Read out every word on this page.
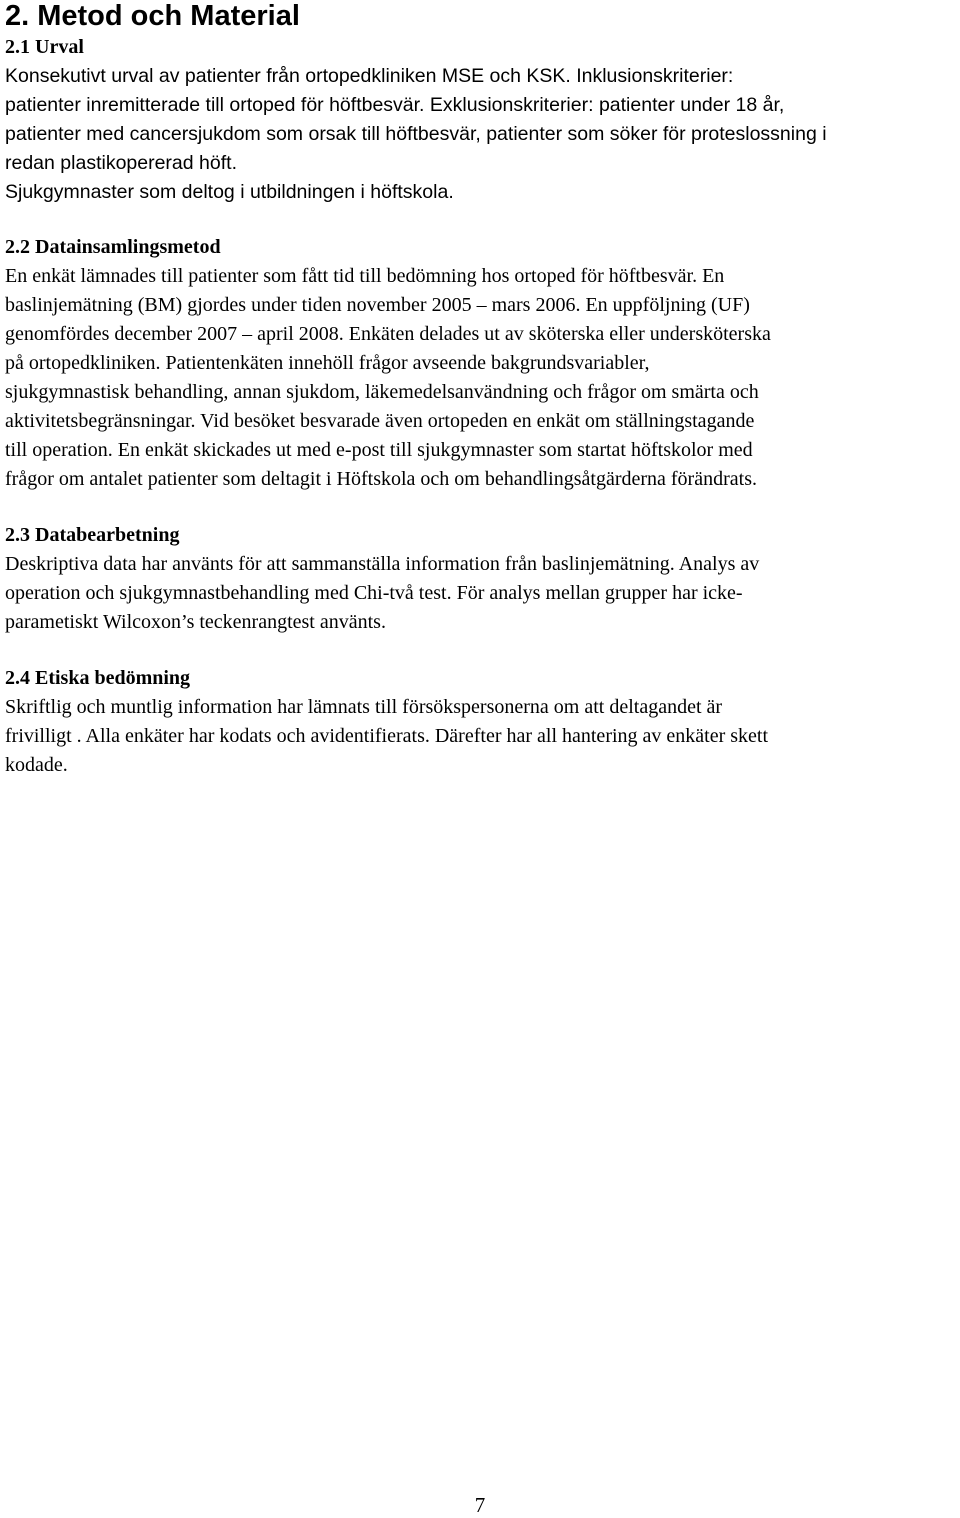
2. Metod och Material
2.1 Urval
Konsekutivt urval av patienter från ortopedkliniken MSE och KSK. Inklusionskriterier:
patienter inremitterade till ortoped för höftbesvär. Exklusionskriterier: patienter under 18 år,
patienter med cancersjukdom som orsak till höftbesvär, patienter som söker för proteslossning i
redan plastikopererad höft.
Sjukgymnaster som deltog i utbildningen i höftskola.
2.2 Datainsamlingsmetod
En enkät lämnades till patienter som fått tid till bedömning hos ortoped för höftbesvär. En
baslinjemätning (BM) gjordes under tiden november 2005 – mars 2006. En uppföljning (UF)
genomfördes december 2007 – april 2008. Enkäten delades ut av sköterska eller undersköterska
på ortopedkliniken. Patientenkäten innehöll frågor avseende bakgrundsvariabler,
sjukgymnastisk behandling, annan sjukdom, läkemedelsanvändning och frågor om smärta och
aktivitetsbegränsningar. Vid besöket besvarade även ortopeden en enkät om ställningstagande
till operation. En enkät skickades ut med e-post till sjukgymnaster som startat höftskolor med
frågor om antalet patienter som deltagit i Höftskola och om behandlingsåtgärderna förändrats.
2.3 Databearbetning
Deskriptiva data har använts för att sammanställa information från baslinjemätning. Analys av
operation och sjukgymnastbehandling med Chi-två test. För analys mellan grupper har icke-
parametiskt Wilcoxon’s teckenrangtest använts.
2.4 Etiska bedömning
Skriftlig och muntlig information har lämnats till försökspersonerna om att deltagandet är
frivilligt . Alla enkäter har kodats och avidentifierats. Därefter har all hantering av enkäter skett
kodade.
7
